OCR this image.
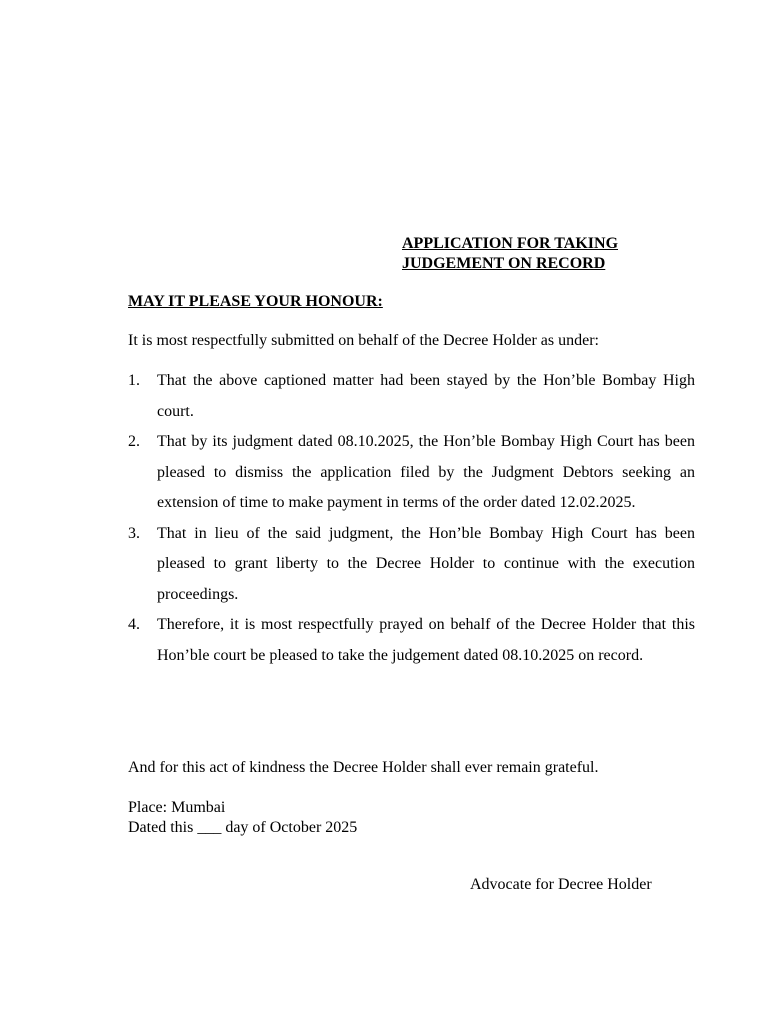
APPLICATION FOR TAKING
JUDGEMENT ON RECORD
MAY IT PLEASE YOUR HONOUR:
It is most respectfully submitted on behalf of the Decree Holder as under:
1. That the above captioned matter had been stayed by the Hon’ble Bombay High court.
2. That by its judgment dated 08.10.2025, the Hon’ble Bombay High Court has been pleased to dismiss the application filed by the Judgment Debtors seeking an extension of time to make payment in terms of the order dated 12.02.2025.
3. That in lieu of the said judgment, the Hon’ble Bombay High Court has been pleased to grant liberty to the Decree Holder to continue with the execution proceedings.
4. Therefore, it is most respectfully prayed on behalf of the Decree Holder that this Hon’ble court be pleased to take the judgement dated 08.10.2025 on record.
And for this act of kindness the Decree Holder shall ever remain grateful.
Place: Mumbai
Dated this ___ day of October 2025
Advocate for Decree Holder
